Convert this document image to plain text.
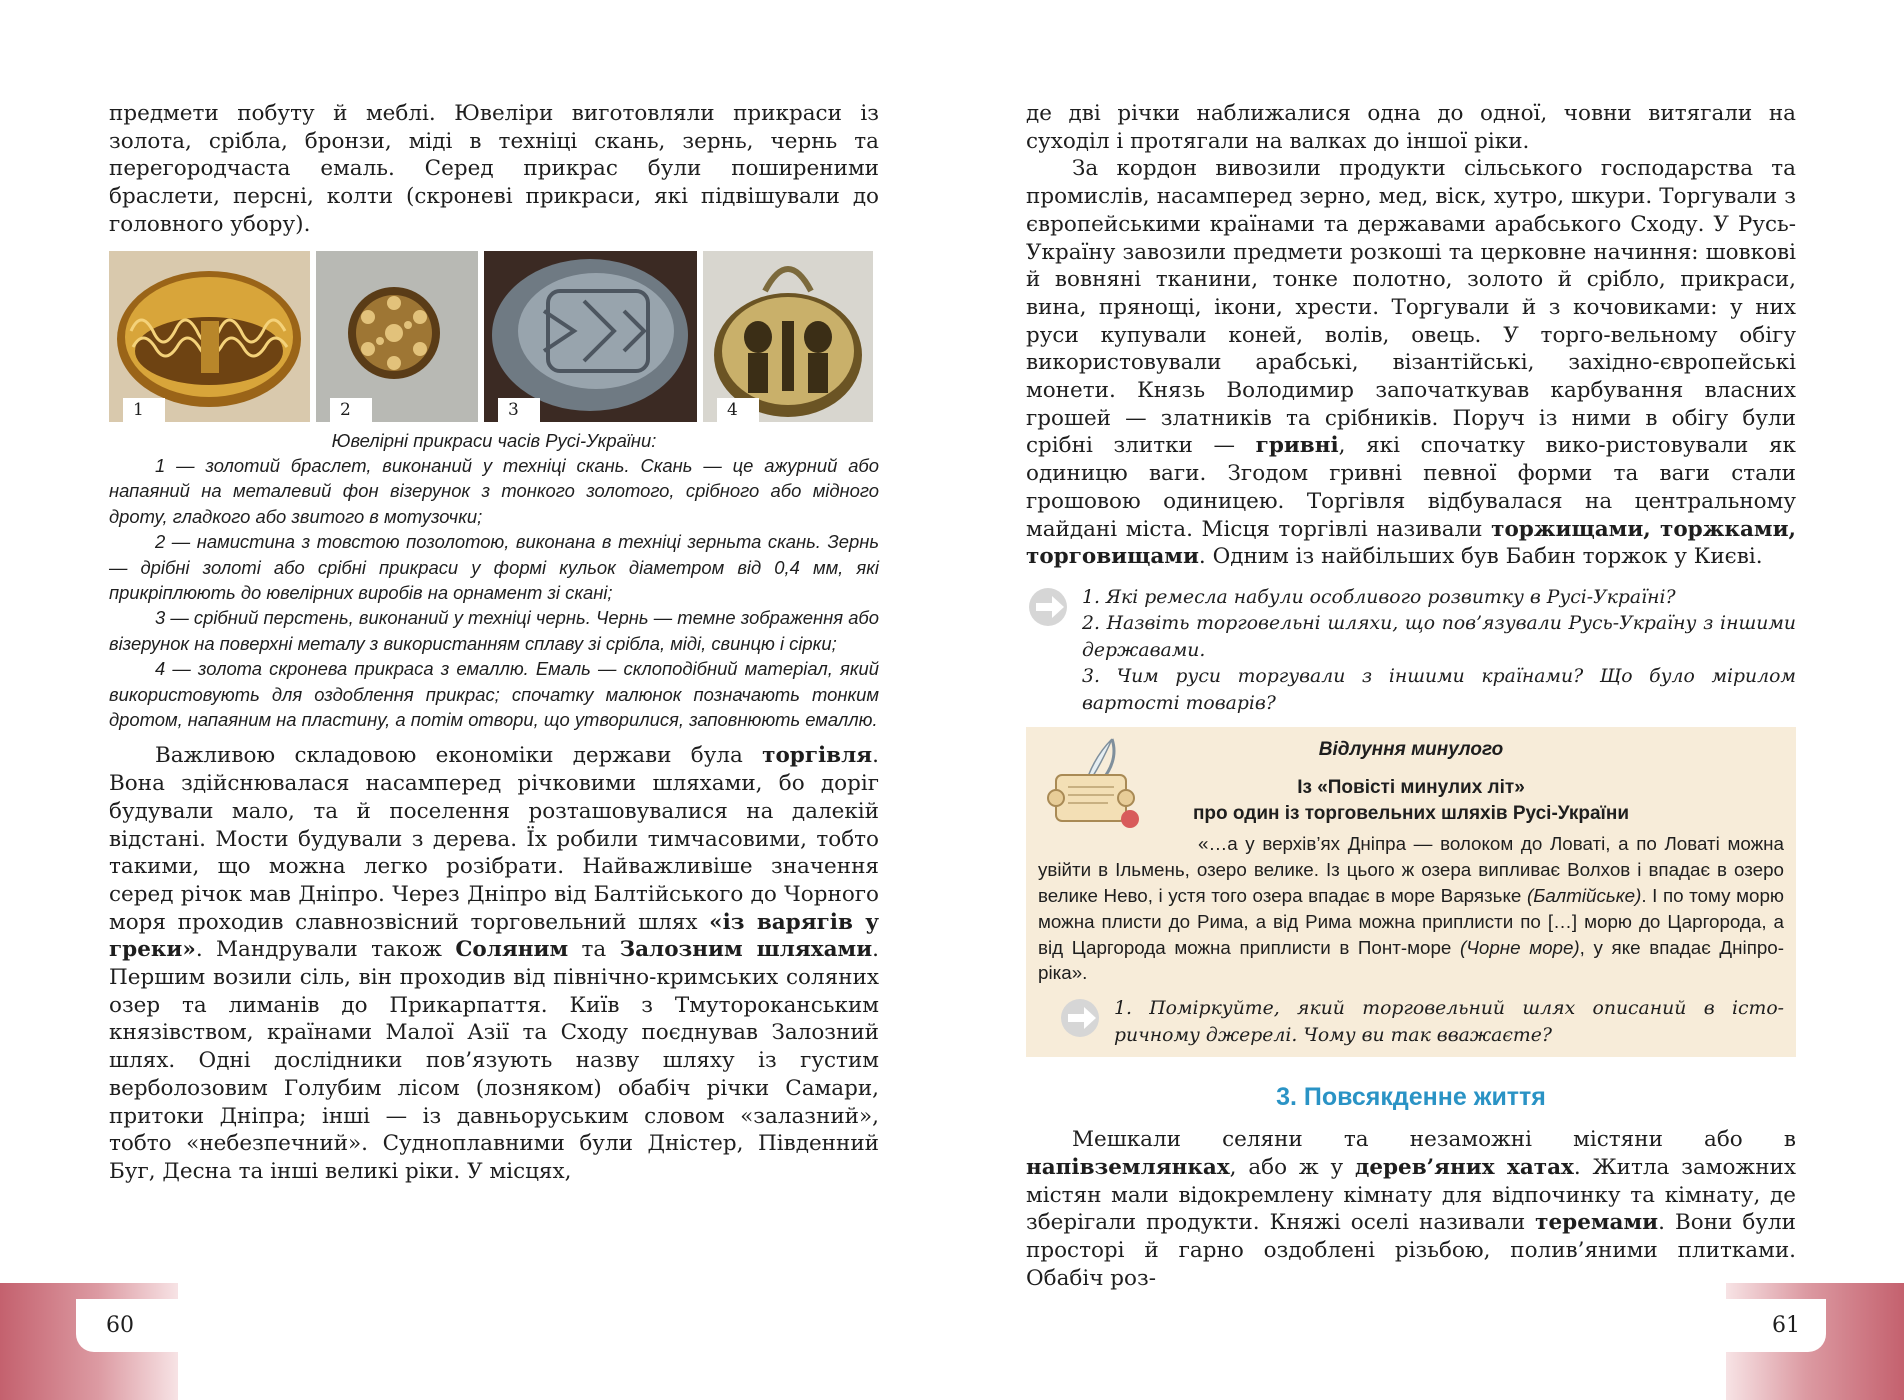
предмети побуту й меблі. Ювеліри виготовляли прикраси із золота, срібла, бронзи, міді в техніці скань, зернь, чернь та перегородчаста емаль. Серед прикрас були поширеними браслети, персні, колти (скроневі прикраси, які підвішували до головного убору).

1	2	3	4

Ювелірні прикраси часів Русі-України:

1 — золотий браслет, виконаний у техніці скань. Скань — це ажурний або напаяний на металевий фон візерунок з тонкого золотого, срібного або мідного дроту, гладкого або звитого в мотузочки;

2 — намистина з товстою позолотою, виконана в техніці зерньта скань. Зернь — дрібні золоті або срібні прикраси у формі кульок діаметром від 0,4 мм, які прикріплюють до ювелірних виробів на орнамент зі скані;

3 — срібний перстень, виконаний у техніці чернь. Чернь — темне зображення або візерунок на поверхні металу з використанням сплаву зі срібла, міді, свинцю і сірки;

4 — золота скронева прикраса з емаллю. Емаль — склоподібний матеріал, який використовують для оздоблення прикрас; спочатку малюнок позначають тонким дротом, напаяним на пластину, а потім отвори, що утворилися, заповнюють емаллю.

Важливою складовою економіки держави була торгівля. Вона здійснювалася насамперед річковими шляхами, бо доріг будували мало, та й поселення розташовувалися на далекій відстані. Мости будували з дерева. Їх робили тимчасовими, тобто такими, що можна легко розібрати. Найважливіше значення серед річок мав Дніпро. Через Дніпро від Балтійського до Чорного моря проходив славнозвісний торговельний шлях «із варягів у греки». Мандрували також Соляним та Залозним шляхами. Першим возили сіль, він проходив від північно-кримських соляних озер та лиманів до Прикарпаття. Київ з Тмутороканським князівством, країнами Малої Азії та Сходу поєднував Залозний шлях. Одні дослідники пов’язують назву шляху із густим верболозовим Голубим лісом (лозняком) обабіч річки Самари, притоки Дніпра; інші — із давньоруським словом «залазний», тобто «небезпечний». Судноплавними були Дністер, Південний Буг, Десна та інші великі ріки. У місцях,

де дві річки наближалися одна до одної, човни витягали на суходіл і протягали на валках до іншої ріки.

За кордон вивозили продукти сільського господарства та промислів, насамперед зерно, мед, віск, хутро, шкури. Торгували з європейськими країнами та державами арабського Сходу. У Русь-Україну завозили предмети розкоші та церковне начиння: шовкові й вовняні тканини, тонке полотно, золото й срібло, прикраси, вина, прянощі, ікони, хрести. Торгували й з кочовиками: у них руси купували коней, волів, овець. У торго-вельному обігу використовували арабські, візантійські, західно-європейські монети. Князь Володимир започаткував карбування власних грошей — златників та срібників. Поруч із ними в обігу були срібні злитки — гривні, які спочатку вико-ристовували як одиницю ваги. Згодом гривні певної форми та ваги стали грошовою одиницею. Торгівля відбувалася на центральному майдані міста. Місця торгівлі називали торжищами, торжками, торговищами. Одним із найбільших був Бабин торжок у Києві.

1. Які ремесла набули особливого розвитку в Русі-Україні?

2. Назвіть торговельні шляхи, що пов’язували Русь-Україну з іншими державами.

3. Чим руси торгували з іншими країнами? Що було мірилом вартості товарів?

Відлуння минулого

Із «Повісті минулих літ»

про один із торговельних шляхів Русі-України

«…а у верхів’ях Дніпра — волоком до Ловаті, а по Ловаті можна увійти в Ільмень, озеро велике. Із цього ж озера випливає Волхов і впадає в озеро велике Нево, і устя того озера впадає в море Варязьке (Балтійське). І по тому морю можна плисти до Рима, а від Рима можна приплисти по […] морю до Царгорода, а від Царгорода можна приплисти в Понт-море (Чорне море), у яке впадає Дніпро-ріка».

1. Поміркуйте, який торговельний шлях описаний в істо-ричному джерелі. Чому ви так вважаєте?

3. Повсякденне життя

Мешкали селяни та незаможні містяни або в напівземлянках, або ж у дерев’яних хатах. Житла заможних містян мали відокремлену кімнату для відпочинку та кімнату, де зберігали продукти. Княжі оселі називали теремами. Вони були просторі й гарно оздоблені різьбою, полив’яними плитками. Обабіч роз-

60	61
